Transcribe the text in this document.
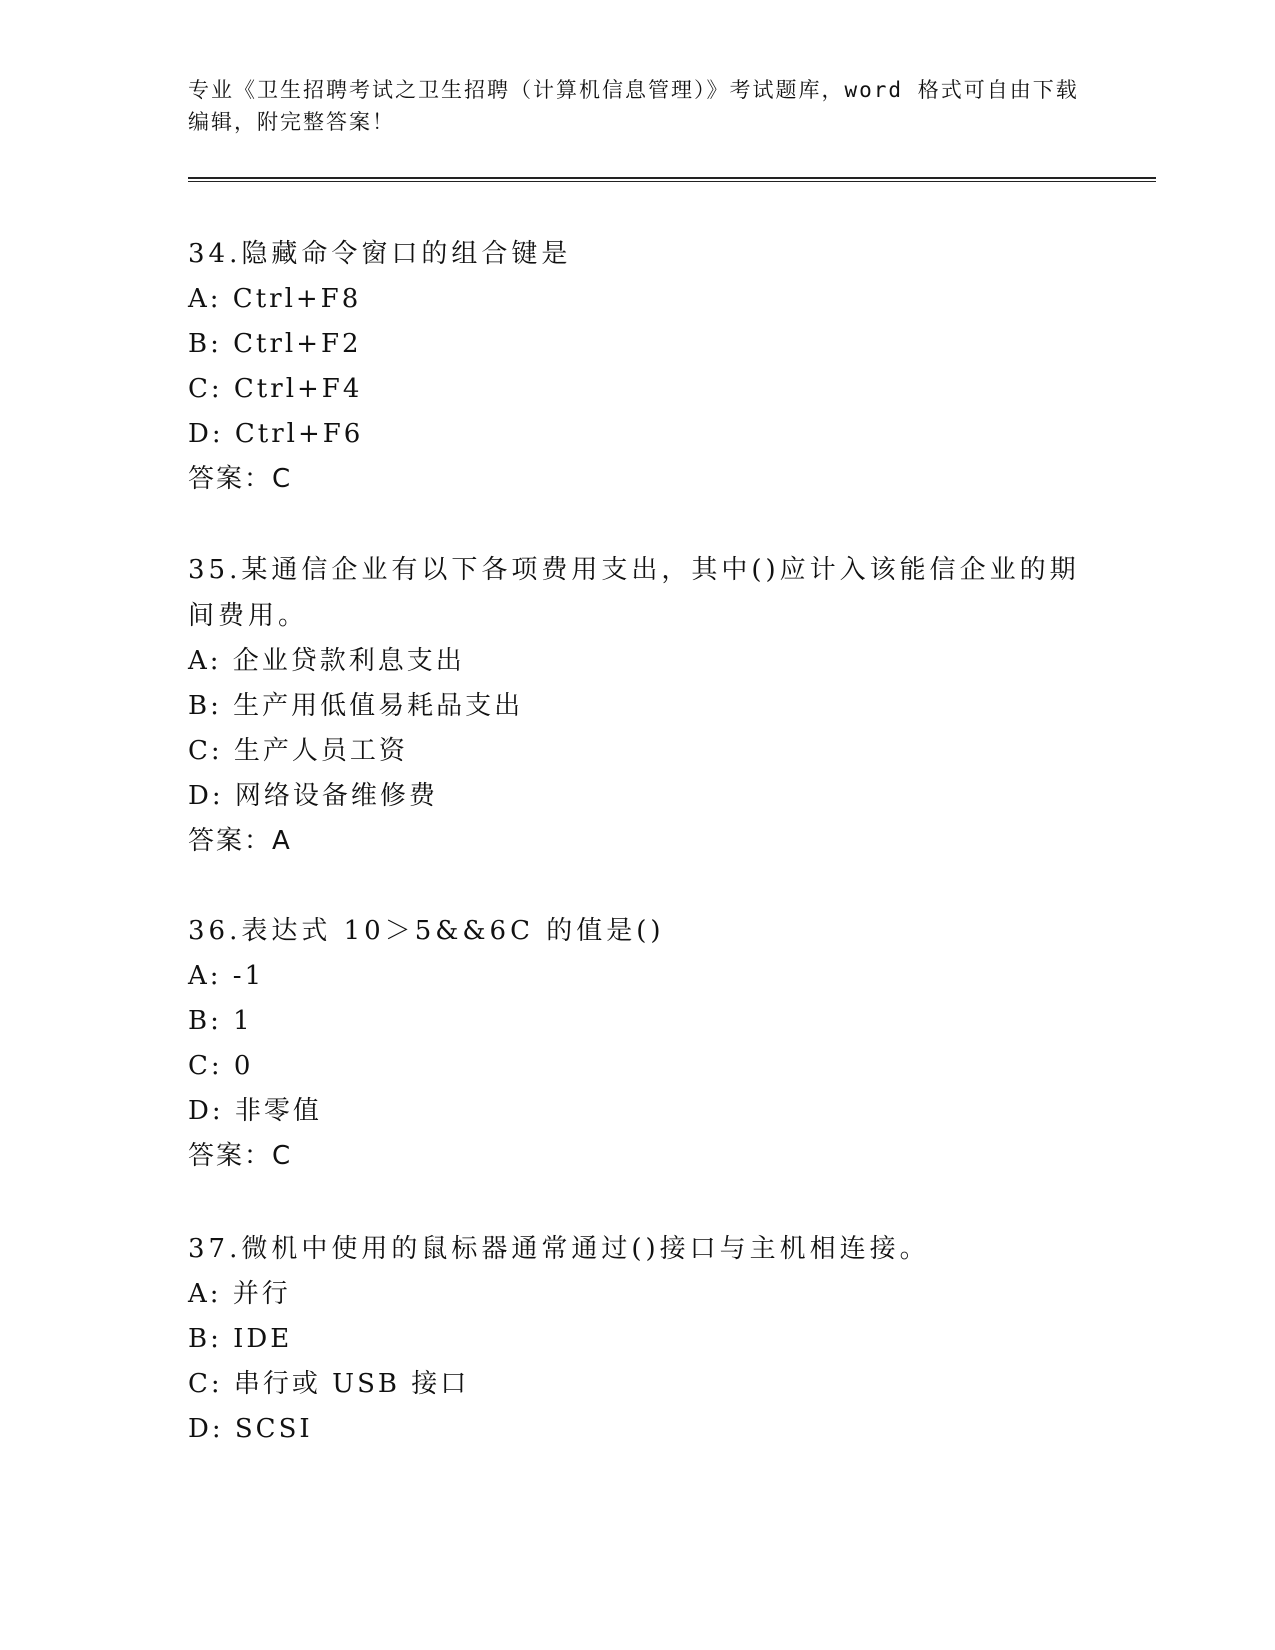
专业《卫生招聘考试之卫生招聘（计算机信息管理）》考试题库，word 格式可自由下载编辑，附完整答案！
34.隐藏命令窗口的组合键是
A: Ctrl+F8
B: Ctrl+F2
C: Ctrl+F4
D: Ctrl+F6
答案：C
35.某通信企业有以下各项费用支出，其中()应计入该能信企业的期间费用。
A: 企业贷款利息支出
B: 生产用低值易耗品支出
C: 生产人员工资
D: 网络设备维修费
答案：A
36.表达式 10＞5&&6C 的值是()
A: -1
B: 1
C: 0
D: 非零值
答案：C
37.微机中使用的鼠标器通常通过()接口与主机相连接。
A: 并行
B: IDE
C: 串行或 USB 接口
D: SCSI
